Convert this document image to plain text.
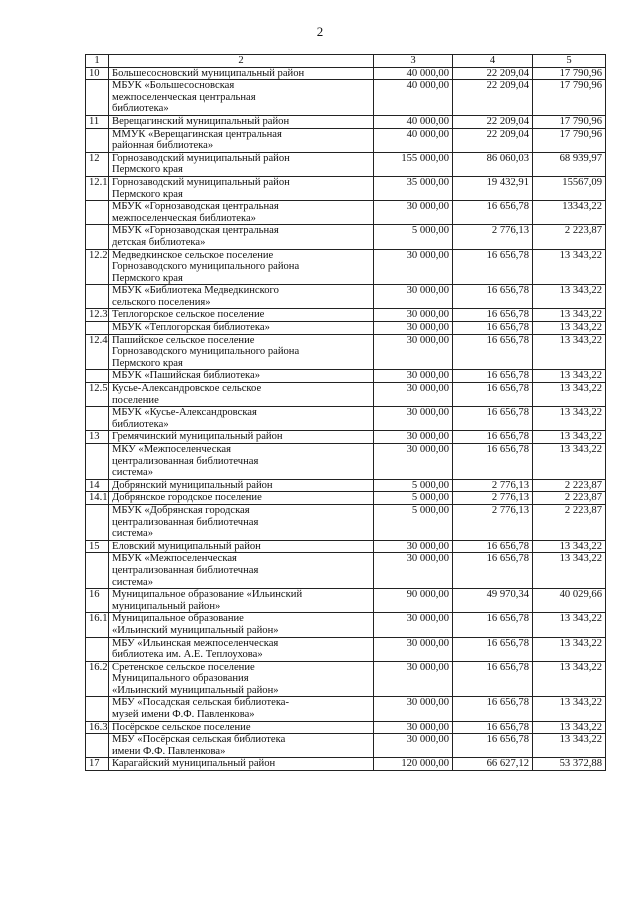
2
1	2	3	4	5
10	Большесосновский муниципальный район	40 000,00	22 209,04	17 790,96

	МБУК «Большесосновская
межпоселенческая центральная
библиотека»	40 000,00	22 209,04	17 790,96
11	Верещагинский муниципальный район	40 000,00	22 209,04	17 790,96

	ММУК «Верещагинская центральная
районная библиотека»	40 000,00	22 209,04	17 790,96
12	Горнозаводский муниципальный район
Пермского края	155 000,00	86 060,03	68 939,97
12.1	Горнозаводский муниципальный район
Пермского края	35 000,00	19 432,91	15567,09

	МБУК «Горнозаводская центральная
межпоселенческая библиотека»	30 000,00	16 656,78	13343,22

	МБУК «Горнозаводская центральная
детская библиотека»	5 000,00	2 776,13	2 223,87
12.2	Медведкинское сельское поселение
Горнозаводского муниципального района
Пермского края	30 000,00	16 656,78	13 343,22

	МБУК «Библиотека Медведкинского
сельского поселения»	30 000,00	16 656,78	13 343,22
12.3	Теплогорское сельское поселение	30 000,00	16 656,78	13 343,22

	МБУК «Теплогорская библиотека»	30 000,00	16 656,78	13 343,22
12.4	Пашийское сельское поселение
Горнозаводского муниципального района
Пермского края	30 000,00	16 656,78	13 343,22

	МБУК «Пашийская библиотека»	30 000,00	16 656,78	13 343,22
12.5	Кусье-Александровское сельское
поселение	30 000,00	16 656,78	13 343,22

	МБУК «Кусье-Александровская
библиотека»	30 000,00	16 656,78	13 343,22
13	Гремячинский муниципальный район	30 000,00	16 656,78	13 343,22

	МКУ «Межпоселенческая
централизованная библиотечная
система»	30 000,00	16 656,78	13 343,22
14	Добрянский муниципальный район	5 000,00	2 776,13	2 223,87
14.1	Добрянское городское поселение	5 000,00	2 776,13	2 223,87

	МБУК «Добрянская городская
централизованная библиотечная
система»	5 000,00	2 776,13	2 223,87
15	Еловский муниципальный район	30 000,00	16 656,78	13 343,22

	МБУК «Межпоселенческая
централизованная библиотечная
система»	30 000,00	16 656,78	13 343,22
16	Муниципальное образование «Ильинский
муниципальный район»	90 000,00	49 970,34	40 029,66
16.1	Муниципальное образование
«Ильинский муниципальный район»	30 000,00	16 656,78	13 343,22

	МБУ «Ильинская межпоселенческая
библиотека им. А.Е. Теплоухова»	30 000,00	16 656,78	13 343,22
16.2	Сретенское сельское поселение
Муниципального образования
«Ильинский муниципальный район»	30 000,00	16 656,78	13 343,22

	МБУ «Посадская сельская библиотека-
музей имени Ф.Ф. Павленкова»	30 000,00	16 656,78	13 343,22
16.3	Посёрское сельское поселение	30 000,00	16 656,78	13 343,22

	МБУ «Посёрская сельская библиотека
имени Ф.Ф. Павленкова»	30 000,00	16 656,78	13 343,22
17	Карагайский муниципальный район	120 000,00	66 627,12	53 372,88
